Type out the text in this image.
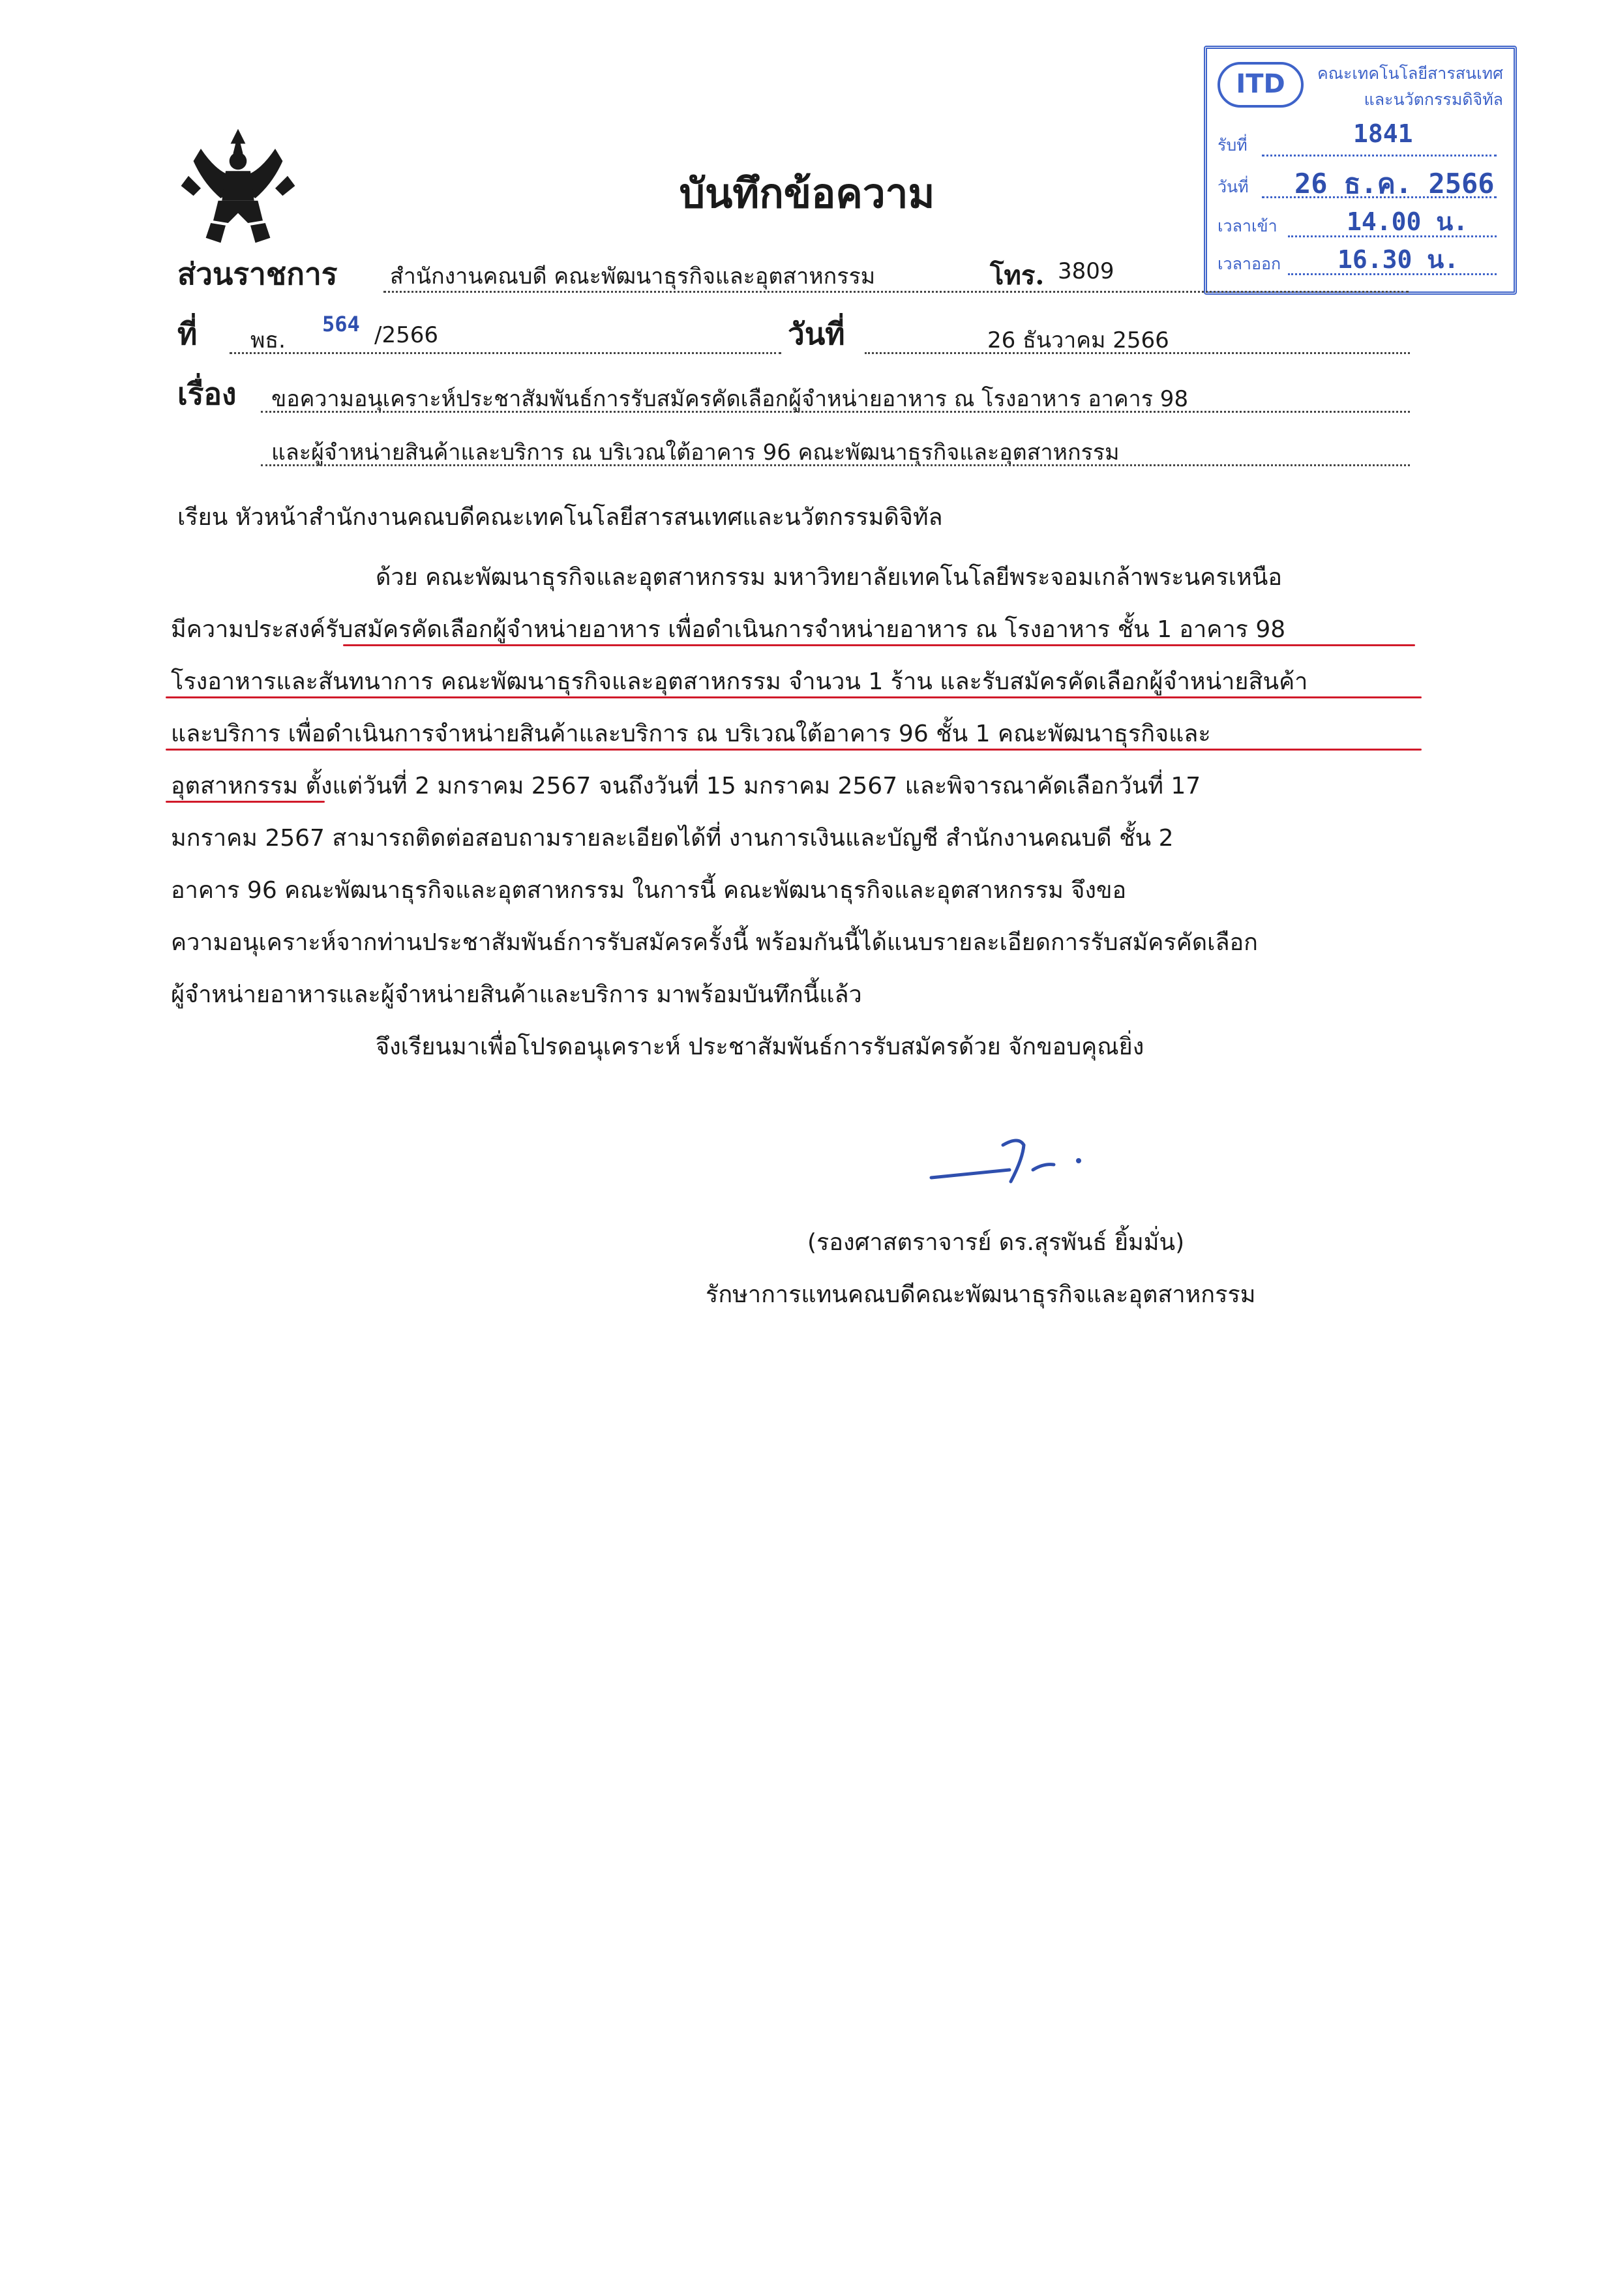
บันทึกข้อความ
ITD	คณะเทคโนโลยีสารสนเทศ
และนวัตกรรมดิจิทัล
รับที่	1841
วันที่ 26 ธ.ค. 2566
เวลาเข้า	14.00 น.
เวลาออก 16.30 น.
ส่วนราชการ สำนักงานคณบดี คณะพัฒนาธุรกิจและอุตสาหกรรม	โทร. 3809
ที่ พธ.
564 /2566	วันที่	26 ธันวาคม 2566
เรื่อง ขอความอนุเคราะห์ประชาสัมพันธ์การรับสมัครคัดเลือกผู้จำหน่ายอาหาร ณ โรงอาหาร อาคาร 98
และผู้จำหน่ายสินค้าและบริการ ณ บริเวณใต้อาคาร 96 คณะพัฒนาธุรกิจและอุตสาหกรรม
เรียน หัวหน้าสำนักงานคณบดีคณะเทคโนโลยีสารสนเทศและนวัตกรรมดิจิทัล
ด้วย คณะพัฒนาธุรกิจและอุตสาหกรรม มหาวิทยาลัยเทคโนโลยีพระจอมเกล้าพระนครเหนือ
มีความประสงค์รับสมัครคัดเลือกผู้จำหน่ายอาหาร เพื่อดำเนินการจำหน่ายอาหาร ณ โรงอาหาร ชั้น 1 อาคาร 98
โรงอาหารและสันทนาการ คณะพัฒนาธุรกิจและอุตสาหกรรม จำนวน 1 ร้าน และรับสมัครคัดเลือกผู้จำหน่ายสินค้า
และบริการ เพื่อดำเนินการจำหน่ายสินค้าและบริการ ณ บริเวณใต้อาคาร 96 ชั้น 1 คณะพัฒนาธุรกิจและ
อุตสาหกรรม ตั้งแต่วันที่ 2 มกราคม 2567 จนถึงวันที่ 15 มกราคม 2567 และพิจารณาคัดเลือกวันที่ 17
มกราคม 2567 สามารถติดต่อสอบถามรายละเอียดได้ที่ งานการเงินและบัญชี สำนักงานคณบดี ชั้น 2
อาคาร 96 คณะพัฒนาธุรกิจและอุตสาหกรรม ในการนี้ คณะพัฒนาธุรกิจและอุตสาหกรรม จึงขอ
ความอนุเคราะห์จากท่านประชาสัมพันธ์การรับสมัครครั้งนี้ พร้อมกันนี้ได้แนบรายละเอียดการรับสมัครคัดเลือก
ผู้จำหน่ายอาหารและผู้จำหน่ายสินค้าและบริการ มาพร้อมบันทึกนี้แล้ว
จึงเรียนมาเพื่อโปรดอนุเคราะห์ ประชาสัมพันธ์การรับสมัครด้วย จักขอบคุณยิ่ง
(รองศาสตราจารย์ ดร.สุรพันธ์ ยิ้มมั่น)
รักษาการแทนคณบดีคณะพัฒนาธุรกิจและอุตสาหกรรม
